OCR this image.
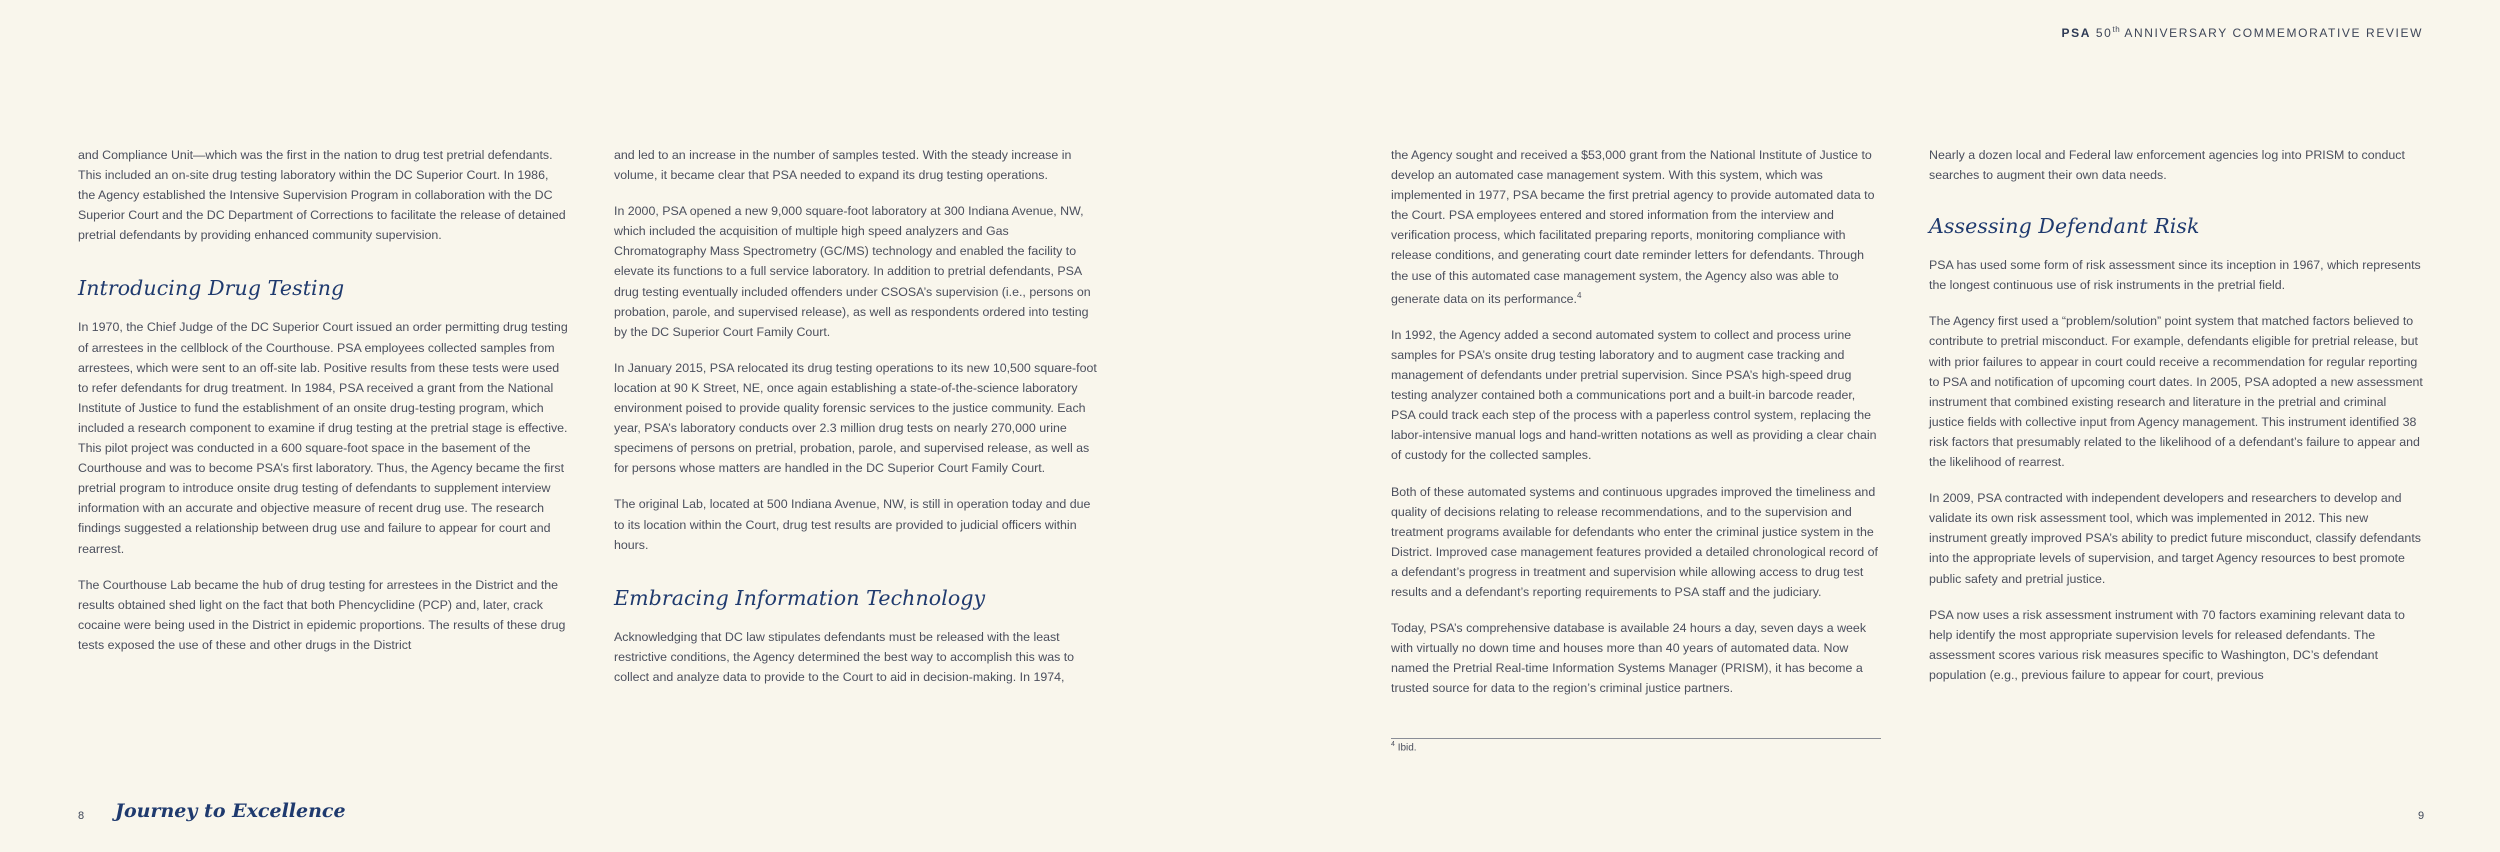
PSA 50th ANNIVERSARY COMMEMORATIVE REVIEW

and Compliance Unit—which was the first in the nation to drug test pretrial defendants. This included an on-site drug testing laboratory within the DC Superior Court. In 1986, the Agency established the Intensive Supervision Program in collaboration with the DC Superior Court and the DC Department of Corrections to facilitate the release of detained pretrial defendants by providing enhanced community supervision.

Introducing Drug Testing

In 1970, the Chief Judge of the DC Superior Court issued an order permitting drug testing of arrestees in the cellblock of the Courthouse. PSA employees collected samples from arrestees, which were sent to an off-site lab. Positive results from these tests were used to refer defendants for drug treatment. In 1984, PSA received a grant from the National Institute of Justice to fund the establishment of an onsite drug-testing program, which included a research component to examine if drug testing at the pretrial stage is effective. This pilot project was conducted in a 600 square-foot space in the basement of the Courthouse and was to become PSA’s first laboratory. Thus, the Agency became the first pretrial program to introduce onsite drug testing of defendants to supplement interview information with an accurate and objective measure of recent drug use. The research findings suggested a relationship between drug use and failure to appear for court and rearrest.

The Courthouse Lab became the hub of drug testing for arrestees in the District and the results obtained shed light on the fact that both Phencyclidine (PCP) and, later, crack cocaine were being used in the District in epidemic proportions. The results of these drug tests exposed the use of these and other drugs in the District

and led to an increase in the number of samples tested. With the steady increase in volume, it became clear that PSA needed to expand its drug testing operations.

In 2000, PSA opened a new 9,000 square-foot laboratory at 300 Indiana Avenue, NW, which included the acquisition of multiple high speed analyzers and Gas Chromatography Mass Spectrometry (GC/MS) technology and enabled the facility to elevate its functions to a full service laboratory. In addition to pretrial defendants, PSA drug testing eventually included offenders under CSOSA’s supervision (i.e., persons on probation, parole, and supervised release), as well as respondents ordered into testing by the DC Superior Court Family Court.

In January 2015, PSA relocated its drug testing operations to its new 10,500 square-foot location at 90 K Street, NE, once again establishing a state-of-the-science laboratory environment poised to provide quality forensic services to the justice community. Each year, PSA’s laboratory conducts over 2.3 million drug tests on nearly 270,000 urine specimens of persons on pretrial, probation, parole, and supervised release, as well as for persons whose matters are handled in the DC Superior Court Family Court.

The original Lab, located at 500 Indiana Avenue, NW, is still in operation today and due to its location within the Court, drug test results are provided to judicial officers within hours.

Embracing Information Technology

Acknowledging that DC law stipulates defendants must be released with the least restrictive conditions, the Agency determined the best way to accomplish this was to collect and analyze data to provide to the Court to aid in decision-making. In 1974,

the Agency sought and received a $53,000 grant from the National Institute of Justice to develop an automated case management system. With this system, which was implemented in 1977, PSA became the first pretrial agency to provide automated data to the Court. PSA employees entered and stored information from the interview and verification process, which facilitated preparing reports, monitoring compliance with release conditions, and generating court date reminder letters for defendants. Through the use of this automated case management system, the Agency also was able to generate data on its performance.$^4$

In 1992, the Agency added a second automated system to collect and process urine samples for PSA’s onsite drug testing laboratory and to augment case tracking and management of defendants under pretrial supervision. Since PSA’s high-speed drug testing analyzer contained both a communications port and a built-in barcode reader, PSA could track each step of the process with a paperless control system, replacing the labor-intensive manual logs and hand-written notations as well as providing a clear chain of custody for the collected samples.

Both of these automated systems and continuous upgrades improved the timeliness and quality of decisions relating to release recommendations, and to the supervision and treatment programs available for defendants who enter the criminal justice system in the District. Improved case management features provided a detailed chronological record of a defendant’s progress in treatment and supervision while allowing access to drug test results and a defendant’s reporting requirements to PSA staff and the judiciary.

Today, PSA’s comprehensive database is available 24 hours a day, seven days a week with virtually no down time and houses more than 40 years of automated data. Now named the Pretrial Real-time Information Systems Manager (PRISM), it has become a trusted source for data to the region’s criminal justice partners.

$^4$ Ibid.

Nearly a dozen local and Federal law enforcement agencies log into PRISM to conduct searches to augment their own data needs.

Assessing Defendant Risk

PSA has used some form of risk assessment since its inception in 1967, which represents the longest continuous use of risk instruments in the pretrial field.

The Agency first used a “problem/solution” point system that matched factors believed to contribute to pretrial misconduct. For example, defendants eligible for pretrial release, but with prior failures to appear in court could receive a recommendation for regular reporting to PSA and notification of upcoming court dates. In 2005, PSA adopted a new assessment instrument that combined existing research and literature in the pretrial and criminal justice fields with collective input from Agency management. This instrument identified 38 risk factors that presumably related to the likelihood of a defendant’s failure to appear and the likelihood of rearrest.

In 2009, PSA contracted with independent developers and researchers to develop and validate its own risk assessment tool, which was implemented in 2012. This new instrument greatly improved PSA’s ability to predict future misconduct, classify defendants into the appropriate levels of supervision, and target Agency resources to best promote public safety and pretrial justice.

PSA now uses a risk assessment instrument with 70 factors examining relevant data to help identify the most appropriate supervision levels for released defendants. The assessment scores various risk measures specific to Washington, DC’s defendant population (e.g., previous failure to appear for court, previous

8 Journey to Excellence	9
